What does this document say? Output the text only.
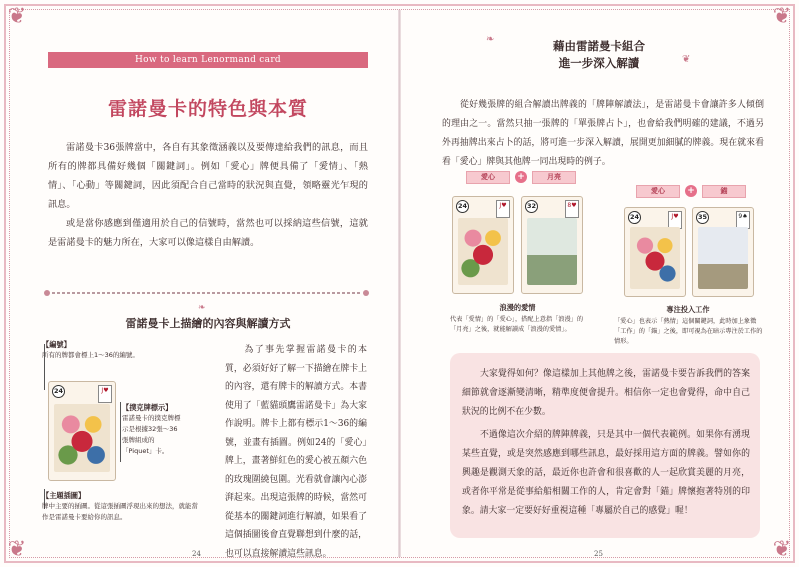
❦	❦
❦	❦
How to learn Lenormand card
雷諾曼卡的特色與本質

雷諾曼卡36張牌當中，各自有其象徵涵義以及要傳達給我們的訊息，而且所有的牌都具備好幾個「關鍵詞」。例如「愛心」牌便具備了「愛情」、「熱情」、「心動」等關鍵詞，因此須配合自己當時的狀況與直覺，領略靈光乍現的訊息。

或是當你感應到僅適用於自己的信號時，當然也可以採納這些信號，這就是雷諾曼卡的魅力所在，大家可以像這樣自由解讀。

❧
雷諾曼卡上描繪的內容與解讀方式
【編號】
所有的牌都會標上1～36的編號。
【撲克牌標示】
雷諾曼卡的撲克牌標示是根據32張～36張牌組成的「Piquet」卡。
24	J♥
【主題插圖】
牌中主要的插圖。從這張插圖浮現出來的想法，就能當作是雷諾曼卡要給你的訊息。

為了事先掌握雷諾曼卡的本質，必須好好了解一下描繪在牌卡上的內容，還有牌卡的解讀方式。本書使用了「藍貓頭鷹雷諾曼卡」為大家作說明。牌卡上都有標示1～36的編號，並畫有插圖。例如24的「愛心」牌上，畫著鮮紅色的愛心被五顏六色的玫瑰圍繞包圍。光看就會讓內心澎湃起來。出現這張牌的時候，當然可從基本的關鍵詞進行解讀，如果看了這個插圖後會直覺聯想到什麼的話，也可以直接解讀這些訊息。

24
❧
❦
藉由雷諾曼卡組合
進一步深入解讀

從好幾張牌的組合解讀出牌義的「牌陣解讀法」，是雷諾曼卡會讓許多人傾倒的理由之一。當然只抽一張牌的「單張牌占卜」，也會給我們明確的建議，不過另外再抽牌出來占卜的話，將可進一步深入解讀，展開更加細膩的牌義。現在就來看看「愛心」牌與其他牌一同出現時的例子。

愛心	+	月亮
24	J♥	32	8♥
浪漫的愛情
代表「愛情」的「愛心」，搭配上意指「浪漫」的「月亮」之後，就能解讀成「浪漫的愛情」。
愛心	+	錨
24	J♥	35	9♠
專注投入工作
「愛心」也表示「熱情」這個關鍵詞，此時加上象徵「工作」的「錨」之後，即可視為在暗示專注於工作的情形。

大家覺得如何？像這樣加上其他牌之後，雷諾曼卡要告訴我們的答案細節就會逐漸變清晰，精準度便會提升。相信你一定也會覺得，命中自己狀況的比例不在少數。

不過像這次介紹的牌陣牌義，只是其中一個代表範例。如果你有湧現某些直覺，或是突然感應到哪些訊息，最好採用這方面的牌義。譬如你的興趣是觀測天象的話，最近你也許會和很喜歡的人一起欣賞美麗的月亮，或者你平常是從事給船相關工作的人，肯定會對「錨」牌懷抱著特別的印象。請大家一定要好好重視這種「專屬於自己的感覺」喔！

25
